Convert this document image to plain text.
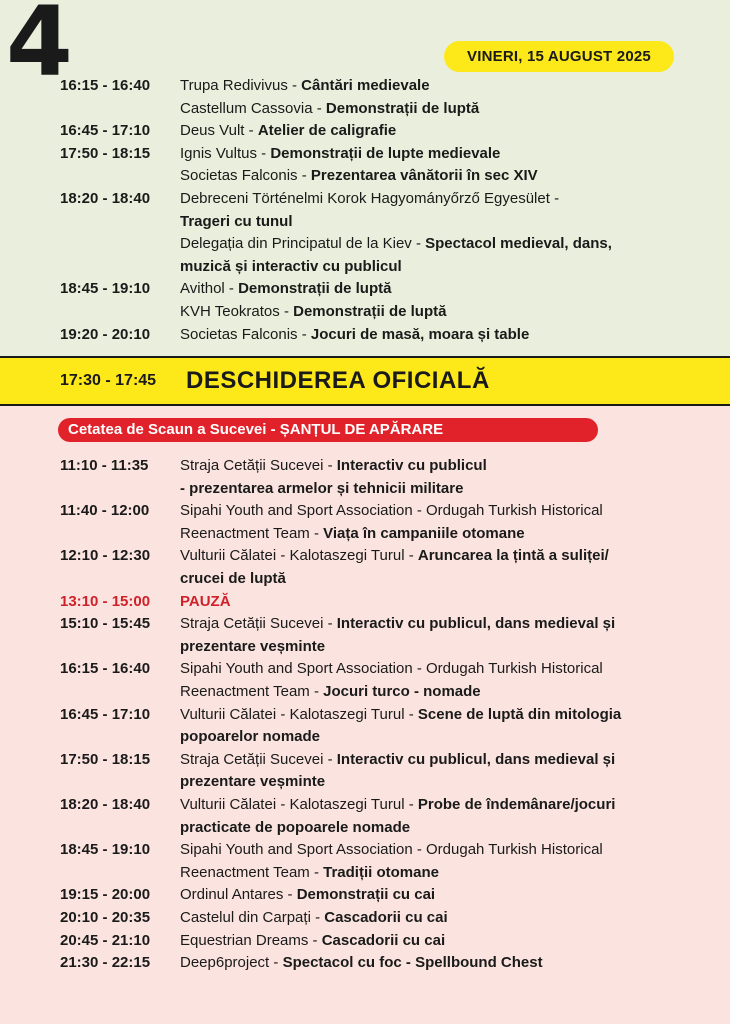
4	VINERI, 15 AUGUST 2025
16:15 - 16:40 Trupa Redivivus - Cântări medievale
Castellum Cassovia - Demonstrații de luptă
16:45 - 17:10 Deus Vult - Atelier de caligrafie
17:50 - 18:15 Ignis Vultus - Demonstrații de lupte medievale
Societas Falconis - Prezentarea vânătorii în sec XIV
18:20 - 18:40 Debreceni Történelmi Korok Hagyományőrző Egyesület -
Trageri cu tunul
Delegația din Principatul de la Kiev - Spectacol medieval, dans,
muzică și interactiv cu publicul
18:45 - 19:10 Avithol - Demonstrații de luptă
KVH Teokratos - Demonstrații de luptă
19:20 - 20:10 Societas Falconis - Jocuri de masă, moara și table
17:30 - 17:45 DESCHIDEREA OFICIALĂ
Cetatea de Scaun a Sucevei - ȘANȚUL DE APĂRARE
11:10 - 11:35 Straja Cetății Sucevei - Interactiv cu publicul
- prezentarea armelor și tehnicii militare
11:40 - 12:00 Sipahi Youth and Sport Association - Ordugah Turkish Historical
Reenactment Team - Viața în campaniile otomane
12:10 - 12:30 Vulturii Călatei - Kalotaszegi Turul - Aruncarea la țintă a suliței/
crucei de luptă
13:10 - 15:00 PAUZĂ
15:10 - 15:45 Straja Cetății Sucevei - Interactiv cu publicul, dans medieval și
prezentare veșminte
16:15 - 16:40 Sipahi Youth and Sport Association - Ordugah Turkish Historical
Reenactment Team - Jocuri turco - nomade
16:45 - 17:10 Vulturii Călatei - Kalotaszegi Turul - Scene de luptă din mitologia
popoarelor nomade
17:50 - 18:15 Straja Cetății Sucevei - Interactiv cu publicul, dans medieval și
prezentare veșminte
18:20 - 18:40 Vulturii Călatei - Kalotaszegi Turul - Probe de îndemânare/jocuri
practicate de popoarele nomade
18:45 - 19:10 Sipahi Youth and Sport Association - Ordugah Turkish Historical
Reenactment Team - Tradiții otomane
19:15 - 20:00 Ordinul Antares - Demonstrații cu cai
20:10 - 20:35 Castelul din Carpați - Cascadorii cu cai
20:45 - 21:10 Equestrian Dreams - Cascadorii cu cai
21:30 - 22:15 Deep6project - Spectacol cu foc - Spellbound Chest
